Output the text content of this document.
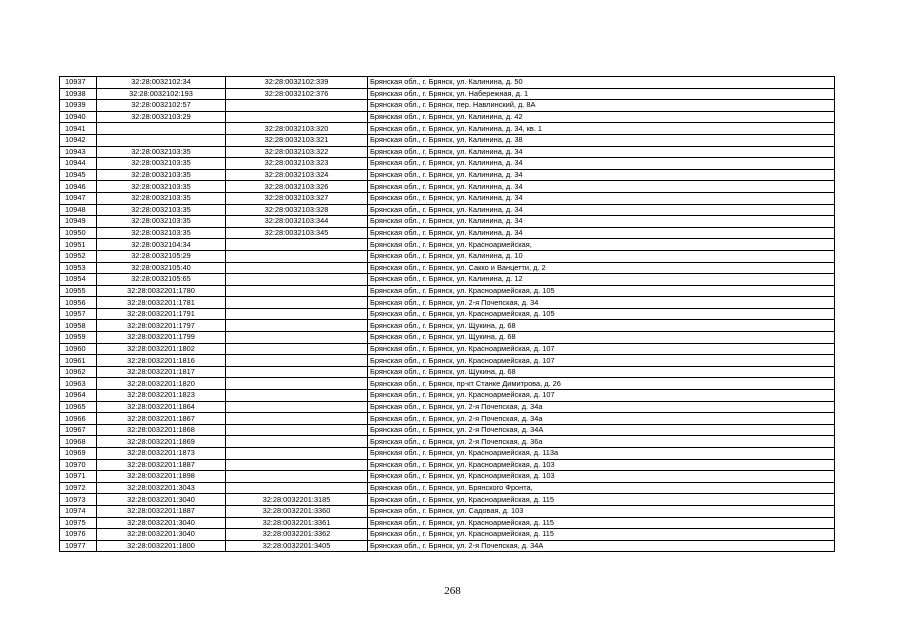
10937	32:28:0032102:34	32:28:0032102:339	Брянская обл., г. Брянск, ул. Калинина, д. 50
10938	32:28:0032102:193	32:28:0032102:376	Брянская обл., г. Брянск, ул. Набережная, д. 1
10939	32:28:0032102:57		Брянская обл., г. Брянск, пер. Навлинский, д. 8А
10940	32:28:0032103:29		Брянская обл., г. Брянск, ул. Калинина, д. 42
10941		32:28:0032103:320	Брянская обл., г. Брянск, ул. Калинина, д. 34, кв. 1
10942		32:28:0032103:321	Брянская обл., г. Брянск, ул. Калинина, д. 38
10943	32:28:0032103:35	32:28:0032103:322	Брянская обл., г. Брянск, ул. Калинина, д. 34
10944	32:28:0032103:35	32:28:0032103:323	Брянская обл., г. Брянск, ул. Калинина, д. 34
10945	32:28:0032103:35	32:28:0032103:324	Брянская обл., г. Брянск, ул. Калинина, д. 34
10946	32:28:0032103:35	32:28:0032103:326	Брянская обл., г. Брянск, ул. Калинина, д. 34
10947	32:28:0032103:35	32:28:0032103:327	Брянская обл., г. Брянск, ул. Калинина, д. 34
10948	32:28:0032103:35	32:28:0032103:328	Брянская обл., г. Брянск, ул. Калинина, д. 34
10949	32:28:0032103:35	32:28:0032103:344	Брянская обл., г. Брянск, ул. Калинина, д. 34
10950	32:28:0032103:35	32:28:0032103:345	Брянская обл., г. Брянск, ул. Калинина, д. 34
10951	32:28:0032104:34		Брянская обл., г. Брянск, ул. Красноармейская,
10952	32:28:0032105:29		Брянская обл., г. Брянск, ул. Калинина, д. 10
10953	32:28:0032105:40		Брянская обл., г. Брянск, ул. Сакко и Ванцетти, д. 2
10954	32:28:0032105:65		Брянская обл., г. Брянск, ул. Калинина, д. 12
10955	32:28:0032201:1780		Брянская обл., г. Брянск, ул. Красноармейская, д. 105
10956	32:28:0032201:1781		Брянская обл., г. Брянск, ул. 2-я Почепская, д. 34
10957	32:28:0032201:1791		Брянская обл., г. Брянск, ул. Красноармейская, д. 105
10958	32:28:0032201:1797		Брянская обл., г. Брянск, ул. Щукина, д. 68
10959	32:28:0032201:1799		Брянская обл., г. Брянск, ул. Щукина, д. 68
10960	32:28:0032201:1802		Брянская обл., г. Брянск, ул. Красноармейская, д. 107
10961	32:28:0032201:1816		Брянская обл., г. Брянск, ул. Красноармейская, д. 107
10962	32:28:0032201:1817		Брянская обл., г. Брянск, ул. Щукина, д. 68
10963	32:28:0032201:1820		Брянская обл., г. Брянск, пр-кт Станке Димитрова, д. 26
10964	32:28:0032201:1823		Брянская обл., г. Брянск, ул. Красноармейская, д. 107
10965	32:28:0032201:1864		Брянская обл., г. Брянск, ул. 2-я Почепская, д. 34а
10966	32:28:0032201:1867		Брянская обл., г. Брянск, ул. 2-я Почепская, д. 34а
10967	32:28:0032201:1868		Брянская обл., г. Брянск, ул. 2-я Почепская, д. 34А
10968	32:28:0032201:1869		Брянская обл., г. Брянск, ул. 2-я Почепская, д. 36а
10969	32:28:0032201:1873		Брянская обл., г. Брянск, ул. Красноармейская, д. 113а
10970	32:28:0032201:1887		Брянская обл., г. Брянск, ул. Красноармейская, д. 103
10971	32:28:0032201:1898		Брянская обл., г. Брянск, ул. Красноармейская, д. 103
10972	32:28:0032201:3043		Брянская обл., г. Брянск, ул. Брянского Фронта,
10973	32:28:0032201:3040	32:28:0032201:3185	Брянская обл., г. Брянск, ул. Красноармейская, д. 115
10974	32:28:0032201:1887	32:28:0032201:3360	Брянская обл., г. Брянск, ул. Садовая, д. 103
10975	32:28:0032201:3040	32:28:0032201:3361	Брянская обл., г. Брянск, ул. Красноармейская, д. 115
10976	32:28:0032201:3040	32:28:0032201:3362	Брянская обл., г. Брянск, ул. Красноармейская, д. 115
10977	32:28:0032201:1800	32:28:0032201:3405	Брянская обл., г. Брянск, ул. 2-я Почепская, д. 34А
268
